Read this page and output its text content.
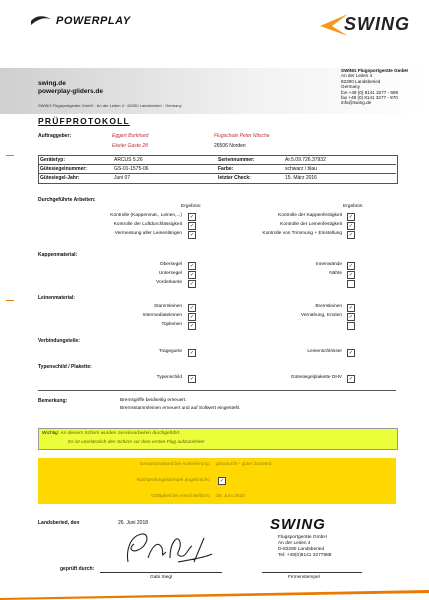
POWERPLAY	SWING
swing.de
powerplay-gliders.de
SWING Flugsportgeräte GmbH · An der Leiten 4 · 82290 Landsberied · Germany
SWING Flugsportgeräte GmbH
An der Leiten 4
82290 Landsberied
Germany
fon +49 (0) 8141 3277 - 888
fax +49 (0) 8141 3277 - 870
info@swing.de
PRÜFPROTOKOLL
Auftraggeber:	Eggert Burkhard
Ekeler Gaste 28
Flugschule Peter Nitsche
26506 Norden
Gerätetyp:	ARCUS 5.26	Seriennummer:	Ar.5.09.726.37932
Gütesiegelnummer:	GS-01-1575-06	Farbe:	schwarz / blau
Gütesiegel-Jahr:	Juni 07	letzter Check:	15. März 2016
Durchgeführte Arbeiten:
Ergebnis:	Ergebnis:
Kontrolle (Kappenmat., Leinen,...)	✓	Kontrolle der Kappenfestigkeit	✓
Kontrolle der Luftdurchlässigkeit	✓	Kontrolle der Leinenfestigkeit	✓
Vermessung aller Leinenlängen	✓	Kontrolle von Trimmung + Einstellung	✓
Kappenmaterial:
Obersegel	✓	Innenwände	✓
Untersegel	✓	Nähte	✓
Vorderkante	✓
Leinenmaterial:
Stammleinen	✓	Bremsleinen	✓
Intermediateleinen	✓	Vernähung, Knoten	✓
Topleinen	✓
Verbindungsteile:
Tragegurte	✓	Leinenschlösser	✓
Typenschild / Plakette:
Typenschild	✓	Gütesiegelplakette DHV	✓
Bemerkung:	Bremsgriffe beidseitig erneuert.
Bremsstammleinen erneuert und auf Sollwert eingestellt.
Wichtig: An diesem Schirm wurden Servicearbeiten durchgeführt.
Es ist unerlässlich den Schirm vor dem ersten Flug aufzuziehen!
Gesamtzustand bei Auslieferung: gebraucht - guter Zustand
Nachprüfungsstempel angebracht:	✓
Gültigkeit bis einschließlich: 26. Juni 2020
Landsberied, den	26. Juni 2018
geprüft durch:
Gabi Siegl
SWING
Flugsportgeräte GmbH
An der Leiten 4
D-82290 Landsberied
Tel: +49(0)8141 3277888
Firmenstempel
